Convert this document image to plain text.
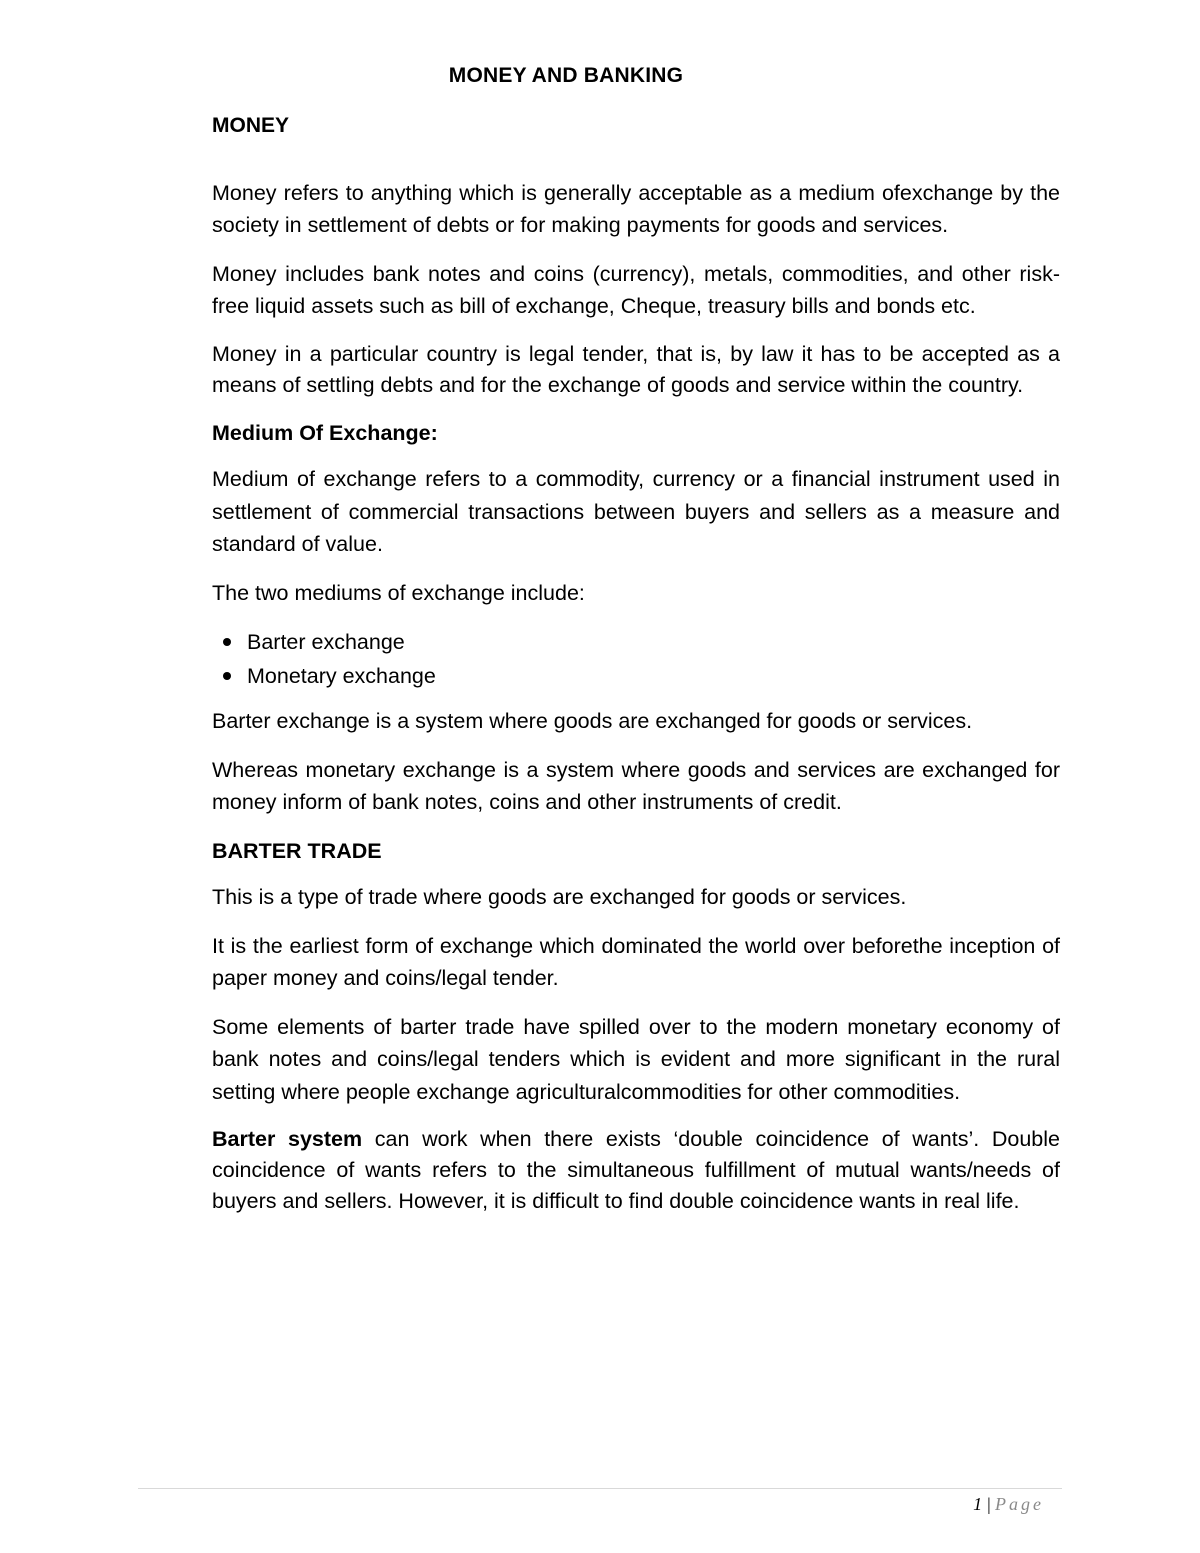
MONEY AND BANKING

MONEY

Money refers to anything which is generally acceptable as a medium ofexchange by the society in settlement of debts or for making payments for goods and services.

Money includes bank notes and coins (currency), metals, commodities, and other risk-free liquid assets such as bill of exchange, Cheque, treasury bills and bonds etc.

Money in a particular country is legal tender, that is, by law it has to be accepted as a means of settling debts and for the exchange of goods and service within the country.

Medium Of Exchange:

Medium of exchange refers to a commodity, currency or a financial instrument used in settlement of commercial transactions between buyers and sellers as a measure and standard of value.

The two mediums of exchange include:

Barter exchange
Monetary exchange

Barter exchange is a system where goods are exchanged for goods or services.

Whereas monetary exchange is a system where goods and services are exchanged for money inform of bank notes, coins and other instruments of credit.

BARTER TRADE

This is a type of trade where goods are exchanged for goods or services.

It is the earliest form of exchange which dominated the world over beforethe inception of paper money and coins/legal tender.

Some elements of barter trade have spilled over to the modern monetary economy of bank notes and coins/legal tenders which is evident and more significant in the rural setting where people exchange agriculturalcommodities for other commodities.

Barter system can work when there exists ‘double coincidence of wants’. Double coincidence of wants refers to the simultaneous fulfillment of mutual wants/needs of buyers and sellers. However, it is difficult to find double coincidence wants in real life.

1 | Page
